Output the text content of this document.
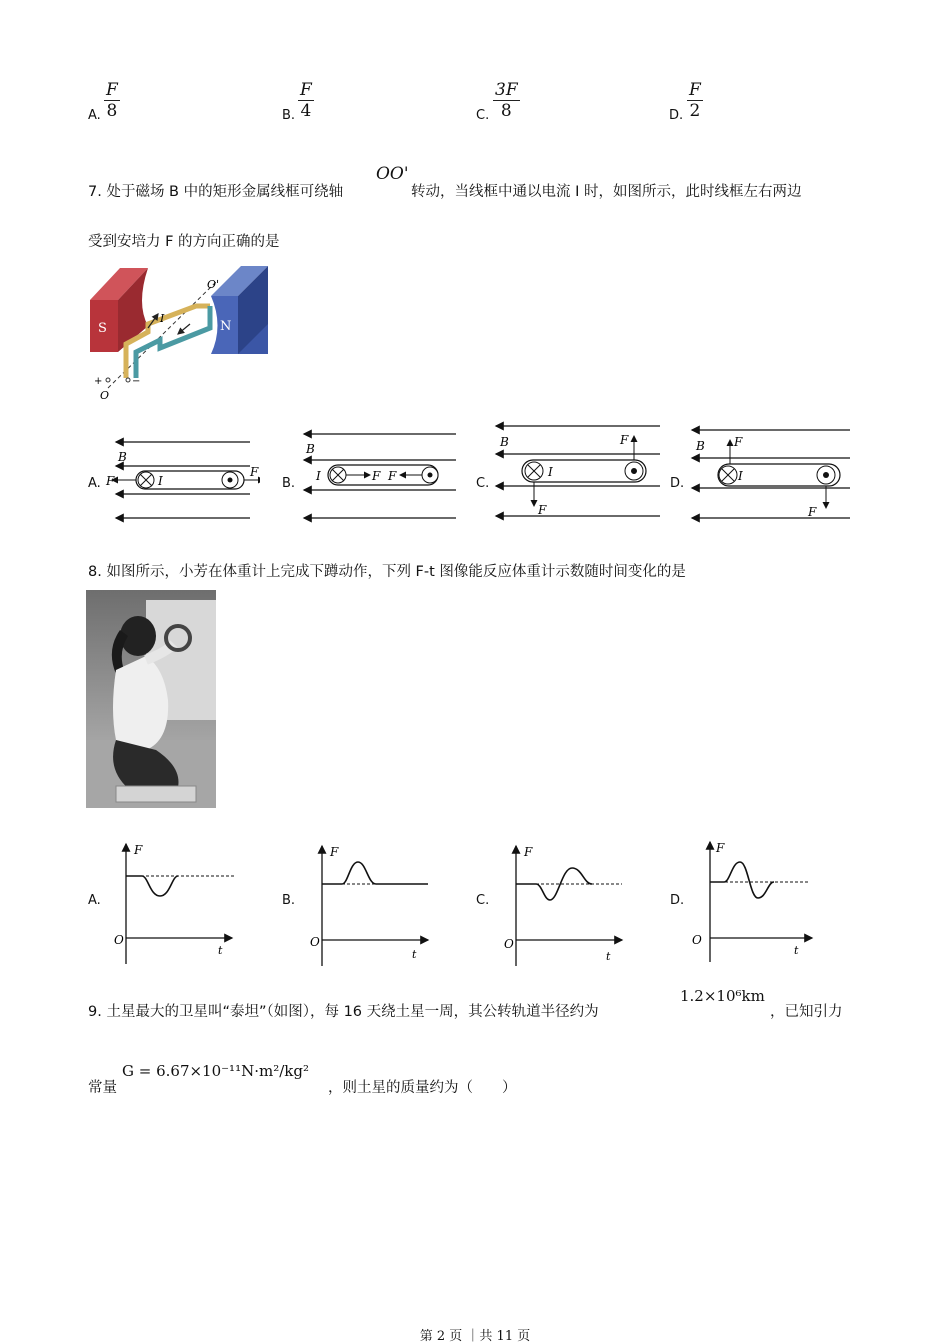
A. $\frac{F}{8}$	B. $\frac{F}{4}$	C. $\frac{3F}{8}$	D. $\frac{F}{2}$
7. 处于磁场 B 中的矩形金属线框可绕轴
OO'
转动，当线框中通以电流 I 时，如图所示，此时线框左右两边
受到安培力 F 的方向正确的是
S	N
O'
O
I
+	−
A.	B.	C.	D.
B
I
F
F
B
I	F F
B
I
F
F	B
I
F
F
8. 如图所示，小芳在体重计上完成下蹲动作，下列 F-t 图像能反应体重计示数随时间变化的是
A.	B.	C.	D.
F
O
t
F
O
t
F
O
t
F
O
t
9. 土星最大的卫星叫“泰坦”（如图），每 16 天绕土星一周，其公转轨道半径约为
1.2×10⁶km
，已知引力
常量
G = 6.67×10⁻¹¹N·m²/kg²
，则土星的质量约为（　　）
第 2 页 ｜共 11 页
